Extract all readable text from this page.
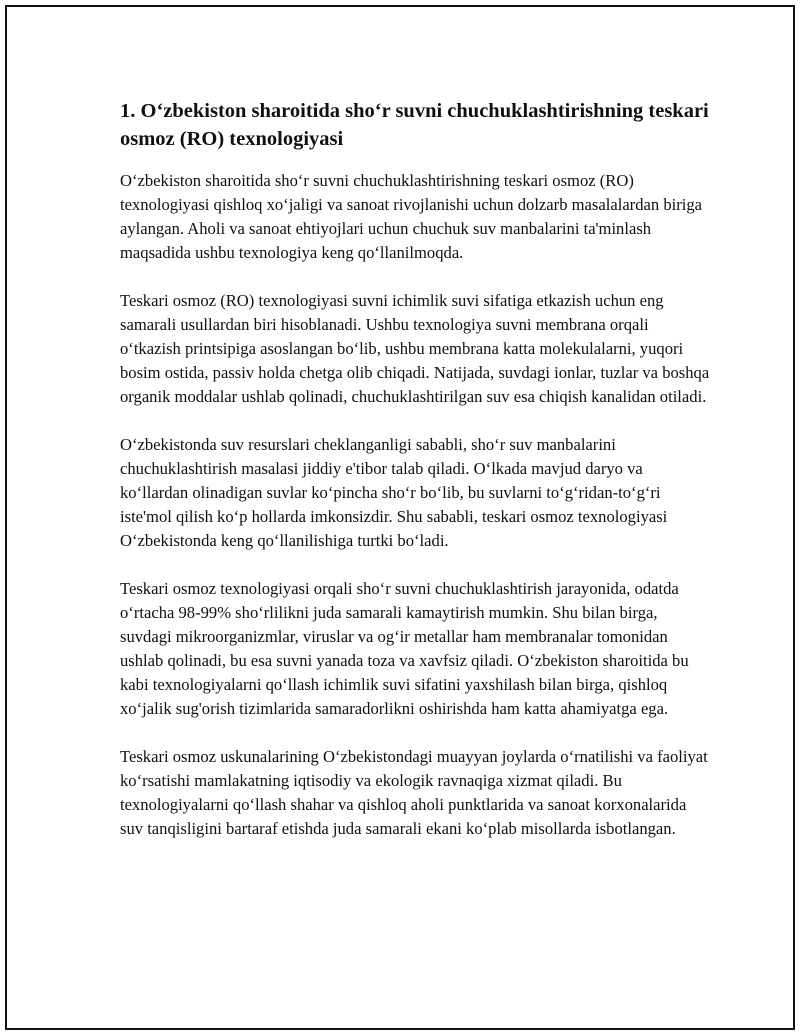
1. O‘zbekiston sharoitida sho‘r suvni chuchuklashtirishning teskari osmoz (RO) texnologiyasi

O‘zbekiston sharoitida sho‘r suvni chuchuklashtirishning teskari osmoz (RO) texnologiyasi qishloq xo‘jaligi va sanoat rivojlanishi uchun dolzarb masalalardan biriga aylangan. Aholi va sanoat ehtiyojlari uchun chuchuk suv manbalarini ta'minlash maqsadida ushbu texnologiya keng qo‘llanilmoqda.

Teskari osmoz (RO) texnologiyasi suvni ichimlik suvi sifatiga etkazish uchun eng samarali usullardan biri hisoblanadi. Ushbu texnologiya suvni membrana orqali o‘tkazish printsipiga asoslangan bo‘lib, ushbu membrana katta molekulalarni, yuqori bosim ostida, passiv holda chetga olib chiqadi. Natijada, suvdagi ionlar, tuzlar va boshqa organik moddalar ushlab qolinadi, chuchuklashtirilgan suv esa chiqish kanalidan otiladi.

O‘zbekistonda suv resurslari cheklanganligi sababli, sho‘r suv manbalarini chuchuklashtirish masalasi jiddiy e'tibor talab qiladi. O‘lkada mavjud daryo va ko‘llardan olinadigan suvlar ko‘pincha sho‘r bo‘lib, bu suvlarni to‘g‘ridan-to‘g‘ri iste'mol qilish ko‘p hollarda imkonsizdir. Shu sababli, teskari osmoz texnologiyasi O‘zbekistonda keng qo‘llanilishiga turtki bo‘ladi.

Teskari osmoz texnologiyasi orqali sho‘r suvni chuchuklashtirish jarayonida, odatda o‘rtacha 98-99% sho‘rlilikni juda samarali kamaytirish mumkin. Shu bilan birga, suvdagi mikroorganizmlar, viruslar va og‘ir metallar ham membranalar tomonidan ushlab qolinadi, bu esa suvni yanada toza va xavfsiz qiladi. O‘zbekiston sharoitida bu kabi texnologiyalarni qo‘llash ichimlik suvi sifatini yaxshilash bilan birga, qishloq xo‘jalik sug'orish tizimlarida samaradorlikni oshirishda ham katta ahamiyatga ega.

Teskari osmoz uskunalarining O‘zbekistondagi muayyan joylarda o‘rnatilishi va faoliyat ko‘rsatishi mamlakatning iqtisodiy va ekologik ravnaqiga xizmat qiladi. Bu texnologiyalarni qo‘llash shahar va qishloq aholi punktlarida va sanoat korxonalarida suv tanqisligini bartaraf etishda juda samarali ekani ko‘plab misollarda isbotlangan.
